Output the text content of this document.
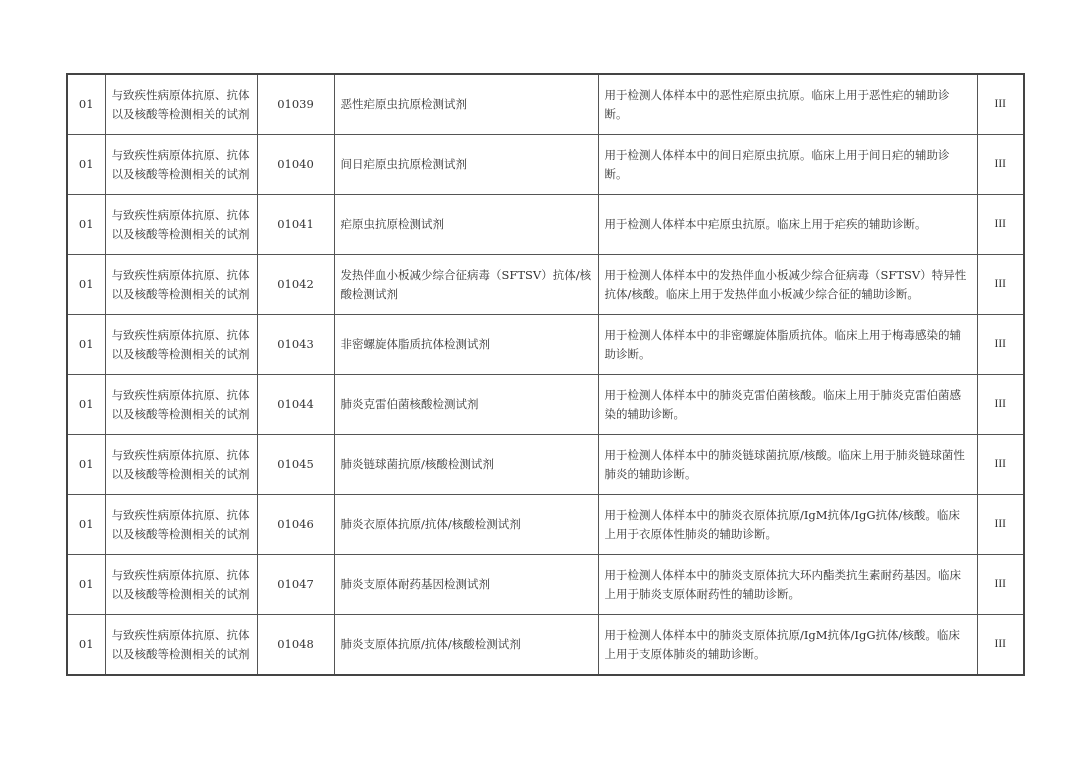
01	与致疾性病原体抗原、抗体以及核酸等检测相关的试剂	01039	恶性疟原虫抗原检测试剂	用于检测人体样本中的恶性疟原虫抗原。临床上用于恶性疟的辅助诊断。	III
01	与致疾性病原体抗原、抗体以及核酸等检测相关的试剂	01040	间日疟原虫抗原检测试剂	用于检测人体样本中的间日疟原虫抗原。临床上用于间日疟的辅助诊断。	III
01	与致疾性病原体抗原、抗体以及核酸等检测相关的试剂	01041	疟原虫抗原检测试剂	用于检测人体样本中疟原虫抗原。临床上用于疟疾的辅助诊断。	III
01	与致疾性病原体抗原、抗体以及核酸等检测相关的试剂	01042	发热伴血小板减少综合征病毒（SFTSV）抗体/核酸检测试剂	用于检测人体样本中的发热伴血小板减少综合征病毒（SFTSV）特异性抗体/核酸。临床上用于发热伴血小板减少综合征的辅助诊断。	III
01	与致疾性病原体抗原、抗体以及核酸等检测相关的试剂	01043	非密螺旋体脂质抗体检测试剂	用于检测人体样本中的非密螺旋体脂质抗体。临床上用于梅毒感染的辅助诊断。	III
01	与致疾性病原体抗原、抗体以及核酸等检测相关的试剂	01044	肺炎克雷伯菌核酸检测试剂	用于检测人体样本中的肺炎克雷伯菌核酸。临床上用于肺炎克雷伯菌感染的辅助诊断。	III
01	与致疾性病原体抗原、抗体以及核酸等检测相关的试剂	01045	肺炎链球菌抗原/核酸检测试剂	用于检测人体样本中的肺炎链球菌抗原/核酸。临床上用于肺炎链球菌性肺炎的辅助诊断。	III
01	与致疾性病原体抗原、抗体以及核酸等检测相关的试剂	01046	肺炎衣原体抗原/抗体/核酸检测试剂	用于检测人体样本中的肺炎衣原体抗原/IgM抗体/IgG抗体/核酸。临床上用于衣原体性肺炎的辅助诊断。	III
01	与致疾性病原体抗原、抗体以及核酸等检测相关的试剂	01047	肺炎支原体耐药基因检测试剂	用于检测人体样本中的肺炎支原体抗大环内酯类抗生素耐药基因。临床上用于肺炎支原体耐药性的辅助诊断。	III
01	与致疾性病原体抗原、抗体以及核酸等检测相关的试剂	01048	肺炎支原体抗原/抗体/核酸检测试剂	用于检测人体样本中的肺炎支原体抗原/IgM抗体/IgG抗体/核酸。临床上用于支原体肺炎的辅助诊断。	III
